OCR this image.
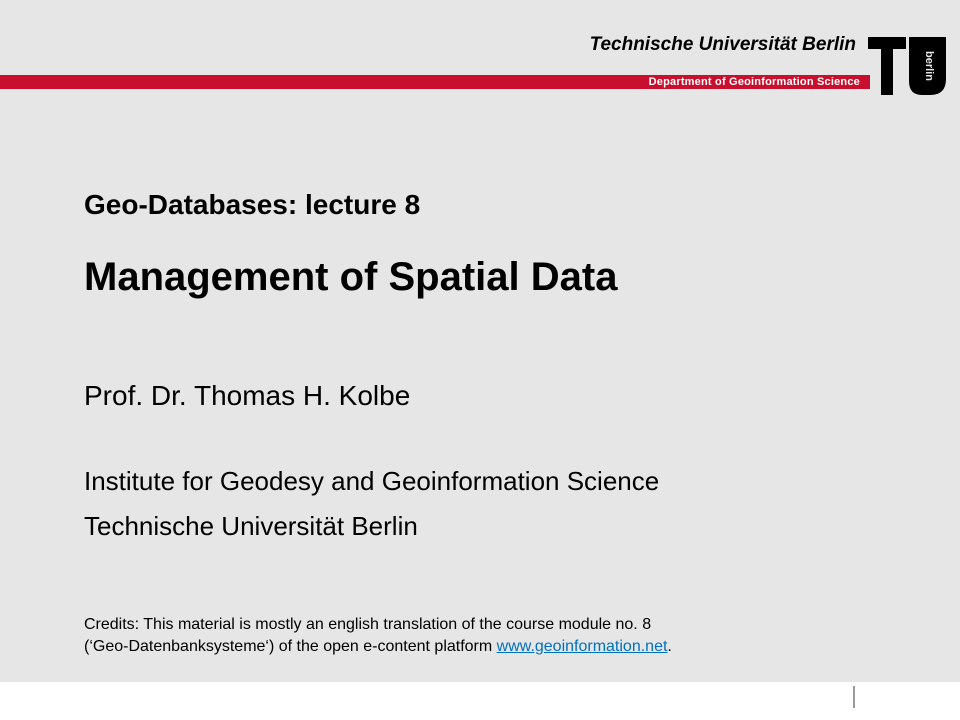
Technische Universität Berlin
Department of Geoinformation Science
berlin
Geo-Databases: lecture 8
Management of Spatial Data
Prof. Dr. Thomas H. Kolbe
Institute for Geodesy and Geoinformation Science
Technische Universität Berlin
Credits: This material is mostly an english translation of the course module no. 8
(‘Geo-Datenbanksysteme‘) of the open e-content platform www.geoinformation.net.
